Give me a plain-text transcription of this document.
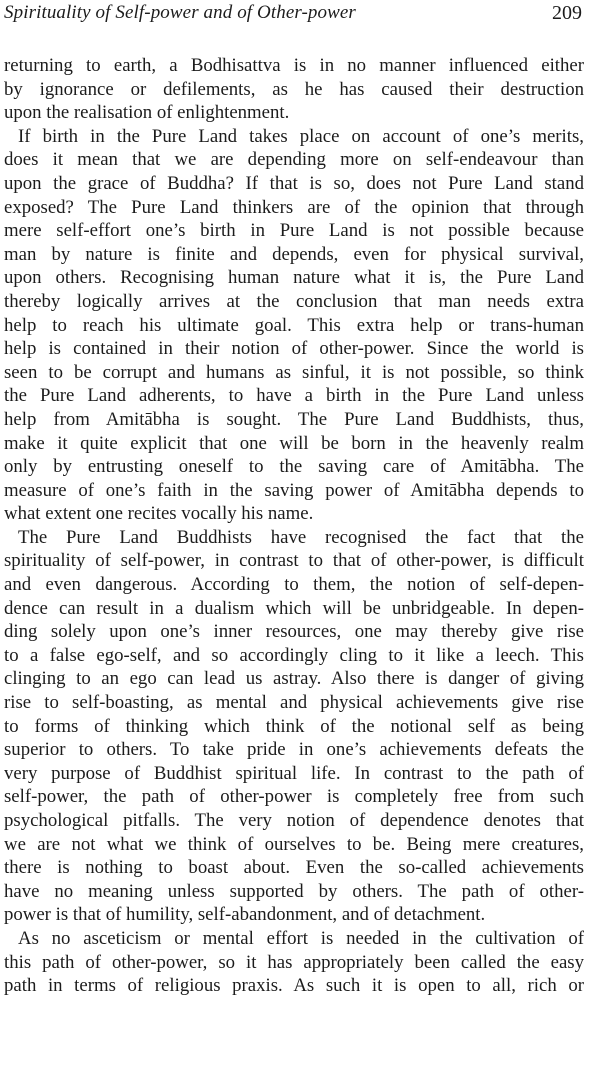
Spirituality of Self-power and of Other-power	209
returning to earth, a Bodhisattva is in no manner influenced either
by ignorance or defilements, as he has caused their destruction
upon the realisation of enlightenment.
If birth in the Pure Land takes place on account of one’s merits,
does it mean that we are depending more on self-endeavour than
upon the grace of Buddha? If that is so, does not Pure Land stand
exposed? The Pure Land thinkers are of the opinion that through
mere self-effort one’s birth in Pure Land is not possible because
man by nature is finite and depends, even for physical survival,
upon others. Recognising human nature what it is, the Pure Land
thereby logically arrives at the conclusion that man needs extra
help to reach his ultimate goal. This extra help or trans-human
help is contained in their notion of other-power. Since the world is
seen to be corrupt and humans as sinful, it is not possible, so think
the Pure Land adherents, to have a birth in the Pure Land unless
help from Amitābha is sought. The Pure Land Buddhists, thus,
make it quite explicit that one will be born in the heavenly realm
only by entrusting oneself to the saving care of Amitābha. The
measure of one’s faith in the saving power of Amitābha depends to
what extent one recites vocally his name.
The Pure Land Buddhists have recognised the fact that the
spirituality of self-power, in contrast to that of other-power, is difficult
and even dangerous. According to them, the notion of self-depen-
dence can result in a dualism which will be unbridgeable. In depen-
ding solely upon one’s inner resources, one may thereby give rise
to a false ego-self, and so accordingly cling to it like a leech. This
clinging to an ego can lead us astray. Also there is danger of giving
rise to self-boasting, as mental and physical achievements give rise
to forms of thinking which think of the notional self as being
superior to others. To take pride in one’s achievements defeats the
very purpose of Buddhist spiritual life. In contrast to the path of
self-power, the path of other-power is completely free from such
psychological pitfalls. The very notion of dependence denotes that
we are not what we think of ourselves to be. Being mere creatures,
there is nothing to boast about. Even the so-called achievements
have no meaning unless supported by others. The path of other-
power is that of humility, self-abandonment, and of detachment.
As no asceticism or mental effort is needed in the cultivation of
this path of other-power, so it has appropriately been called the easy
path in terms of religious praxis. As such it is open to all, rich or
